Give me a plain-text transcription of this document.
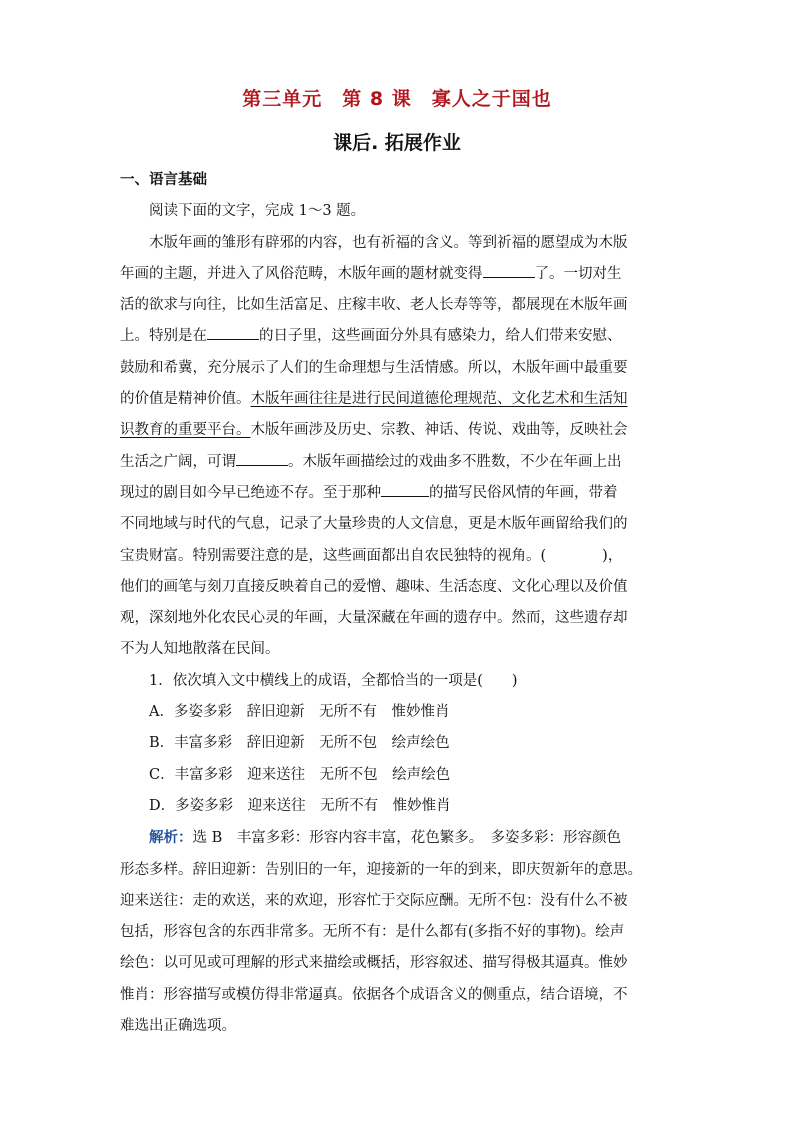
第三单元　第 8 课　寡人之于国也
课后. 拓展作业
一、语言基础
阅读下面的文字，完成 1～3 题。
木版年画的雏形有辟邪的内容，也有祈福的含义。等到祈福的愿望成为木版
年画的主题，并进入了风俗范畴，木版年画的题材就变得	了。一切对生
活的欲求与向往，比如生活富足、庄稼丰收、老人长寿等等，都展现在木版年画
上。特别是在	的日子里，这些画面分外具有感染力，给人们带来安慰、
鼓励和希冀，充分展示了人们的生命理想与生活情感。所以，木版年画中最重要
的价值是精神价值。木版年画往往是进行民间道德伦理规范、文化艺术和生活知
识教育的重要平台。木版年画涉及历史、宗教、神话、传说、戏曲等，反映社会
生活之广阔，可谓	。木版年画描绘过的戏曲多不胜数，不少在年画上出
现过的剧目如今早已绝迹不存。至于那种	的描写民俗风情的年画，带着
不同地域与时代的气息，记录了大量珍贵的人文信息，更是木版年画留给我们的
宝贵财富。特别需要注意的是，这些画面都出自农民独特的视角。(	)，
他们的画笔与刻刀直接反映着自己的爱憎、趣味、生活态度、文化心理以及价值
观，深刻地外化农民心灵的年画，大量深藏在年画的遗存中。然而，这些遗存却
不为人知地散落在民间。
1．依次填入文中横线上的成语，全都恰当的一项是(　　)
A．多姿多彩　辞旧迎新　无所不有　惟妙惟肖
B．丰富多彩　辞旧迎新　无所不包　绘声绘色
C．丰富多彩　迎来送往　无所不包　绘声绘色
D．多姿多彩　迎来送往　无所不有　惟妙惟肖
解析：选 B　丰富多彩：形容内容丰富，花色繁多。　多姿多彩：形容颜色
形态多样。辞旧迎新：告别旧的一年，迎接新的一年的到来，即庆贺新年的意思。
迎来送往：走的欢送，来的欢迎，形容忙于交际应酬。无所不包：没有什么不被
包括，形容包含的东西非常多。无所不有：是什么都有(多指不好的事物)。绘声
绘色：以可见或可理解的形式来描绘或概括，形容叙述、描写得极其逼真。惟妙
惟肖：形容描写或模仿得非常逼真。依据各个成语含义的侧重点，结合语境，不
难选出正确选项。
